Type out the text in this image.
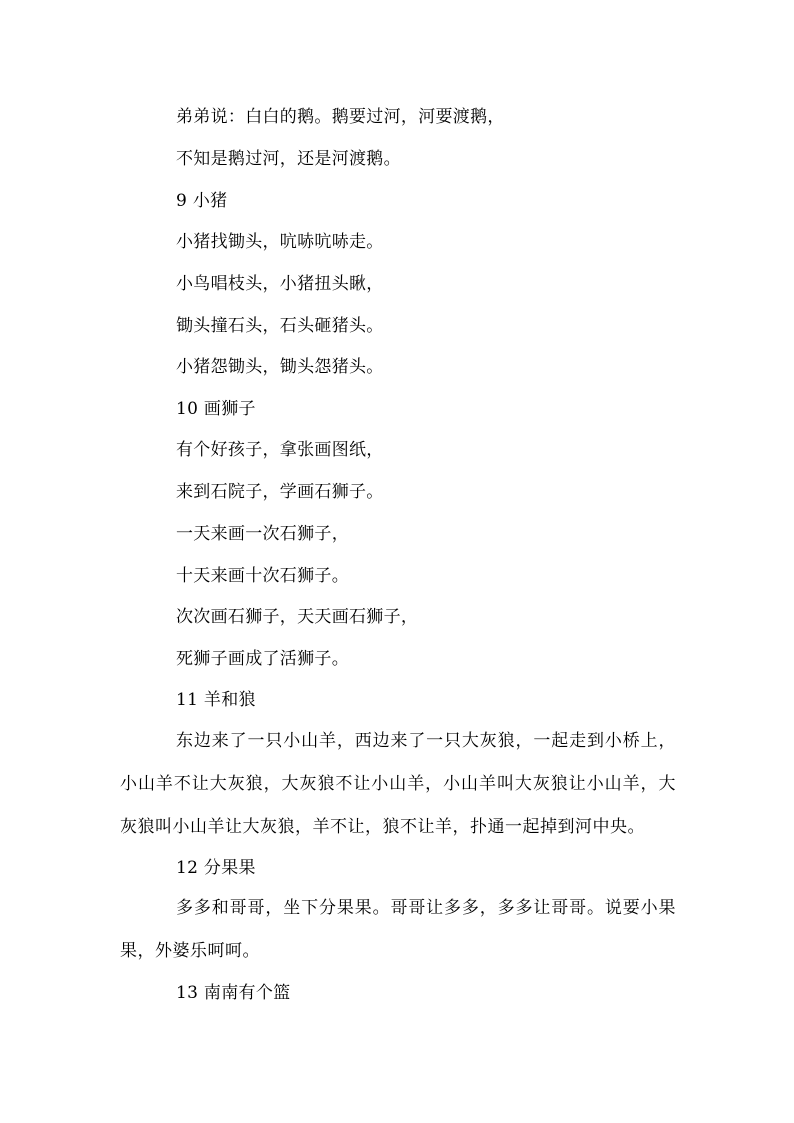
弟弟说：白白的鹅。鹅要过河，河要渡鹅，
不知是鹅过河，还是河渡鹅。
9 小猪
小猪找锄头，吭哧吭哧走。
小鸟唱枝头，小猪扭头瞅，
锄头撞石头，石头砸猪头。
小猪怨锄头，锄头怨猪头。
10 画狮子
有个好孩子，拿张画图纸，
来到石院子，学画石狮子。
一天来画一次石狮子，
十天来画十次石狮子。
次次画石狮子，天天画石狮子，
死狮子画成了活狮子。
11 羊和狼
东边来了一只小山羊，西边来了一只大灰狼，一起走到小桥上，小山羊不让大灰狼，大灰狼不让小山羊，小山羊叫大灰狼让小山羊，大灰狼叫小山羊让大灰狼，羊不让，狼不让羊，扑通一起掉到河中央。
12 分果果
多多和哥哥，坐下分果果。哥哥让多多，多多让哥哥。说要小果果，外婆乐呵呵。
13 南南有个篮
